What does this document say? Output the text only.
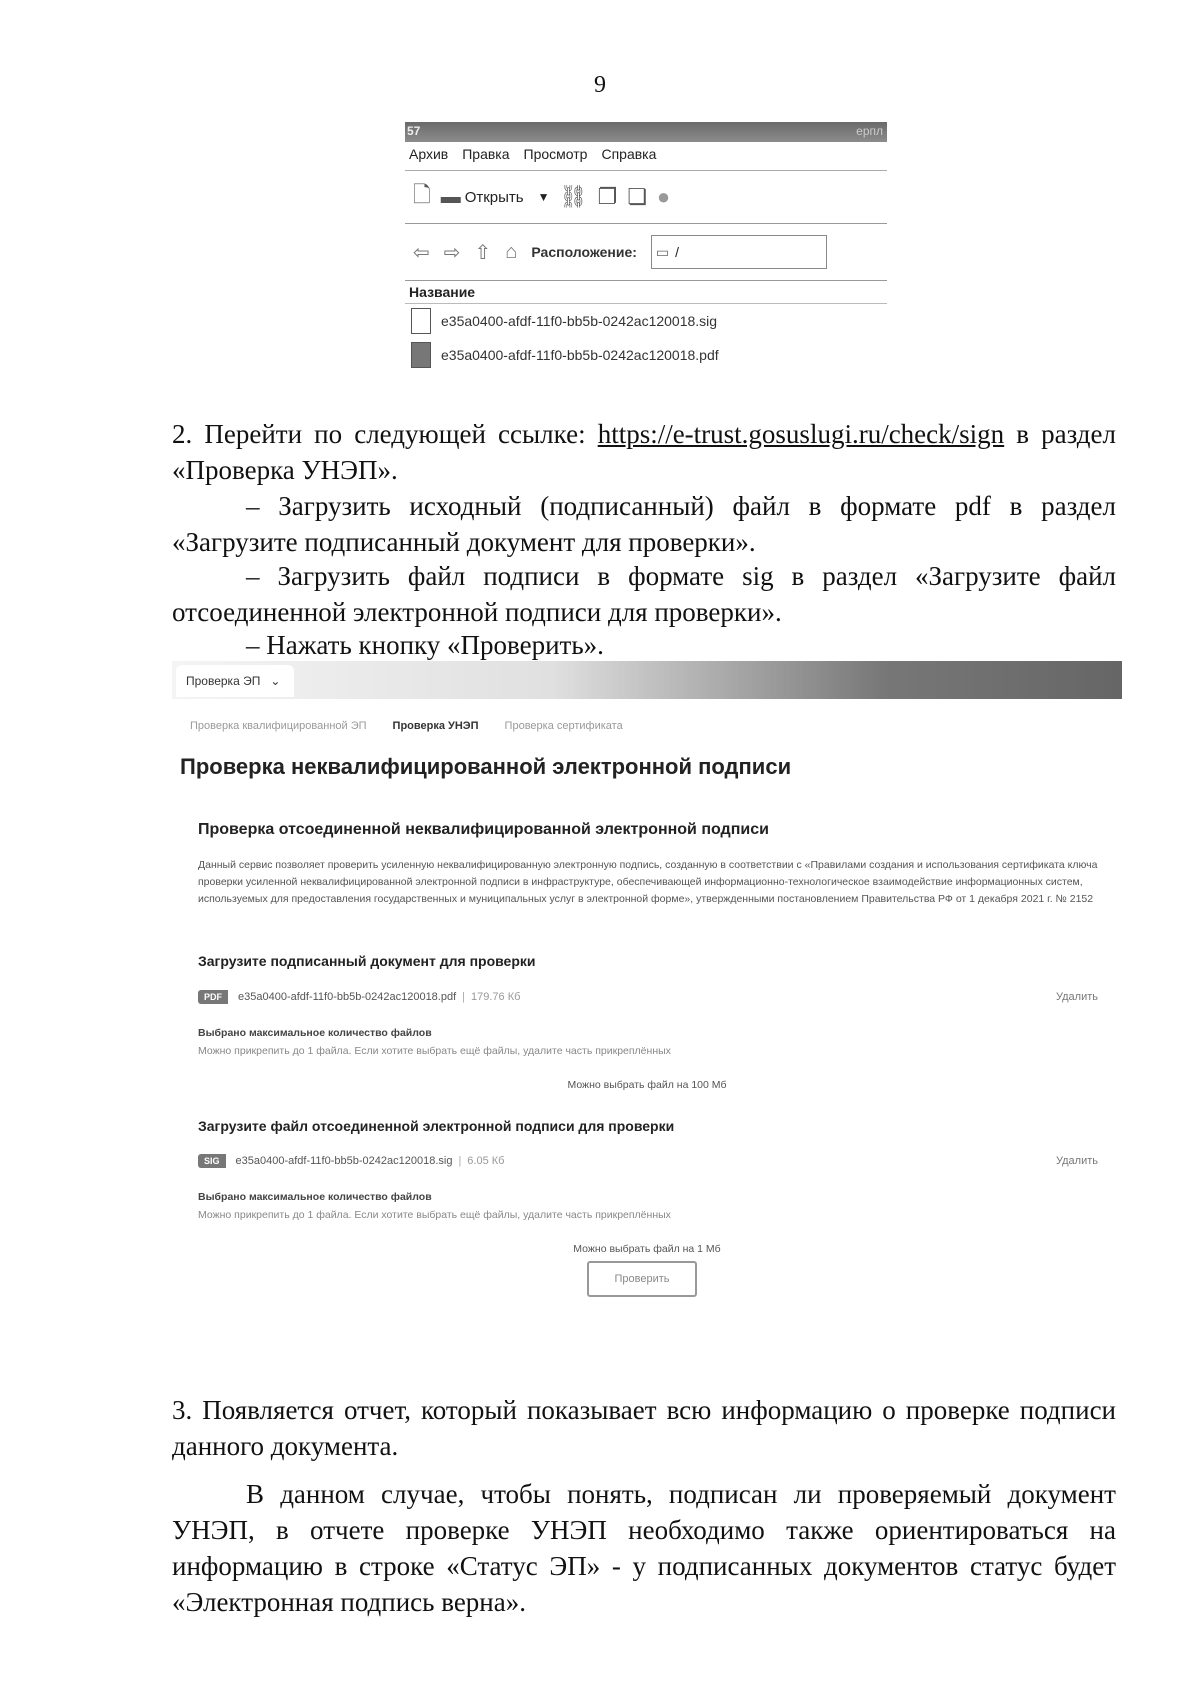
9
57	ерпл
Архив Правка Просмотр Справка
🗋 ▬ Открыть ▼ ⛓ ❐ ❏ ●
⇦ ⇨ ⇧ ⌂ Расположение: ▭ /
Название
e35a0400-afdf-11f0-bb5b-0242ac120018.sig
e35a0400-afdf-11f0-bb5b-0242ac120018.pdf
2. Перейти по следующей ссылке: https://e-trust.gosuslugi.ru/check/sign в раздел «Проверка УНЭП».
– Загрузить исходный (подписанный) файл в формате pdf в раздел «Загрузите подписанный документ для проверки».
– Загрузить файл подписи в формате sig в раздел «Загрузите файл отсоединенной электронной подписи для проверки».
– Нажать кнопку «Проверить».
Проверка ЭП ⌄
Проверка квалифицированной ЭП Проверка УНЭП Проверка сертификата
Проверка неквалифицированной электронной подписи
Проверка отсоединенной неквалифицированной электронной подписи
Данный сервис позволяет проверить усиленную неквалифицированную электронную подпись, созданную в соответствии с «Правилами создания и использования сертификата ключа проверки усиленной неквалифицированной электронной подписи в инфраструктуре, обеспечивающей информационно-технологическое взаимодействие информационных систем, используемых для предоставления государственных и муниципальных услуг в электронной форме», утвержденными постановлением Правительства РФ от 1 декабря 2021 г. № 2152
Загрузите подписанный документ для проверки
PDF	e35a0400-afdf-11f0-bb5b-0242ac120018.pdf | 179.76 Кб	Удалить
Выбрано максимальное количество файлов
Можно прикрепить до 1 файла. Если хотите выбрать ещё файлы, удалите часть прикреплённых
Можно выбрать файл на 100 Мб
Загрузите файл отсоединенной электронной подписи для проверки
SIG	e35a0400-afdf-11f0-bb5b-0242ac120018.sig | 6.05 Кб	Удалить
Выбрано максимальное количество файлов
Можно прикрепить до 1 файла. Если хотите выбрать ещё файлы, удалите часть прикреплённых
Можно выбрать файл на 1 Мб
Проверить
3. Появляется отчет, который показывает всю информацию о проверке подписи данного документа.
В данном случае, чтобы понять, подписан ли проверяемый документ УНЭП, в отчете проверке УНЭП необходимо также ориентироваться на информацию в строке «Статус ЭП» - у подписанных документов статус будет «Электронная подпись верна».
